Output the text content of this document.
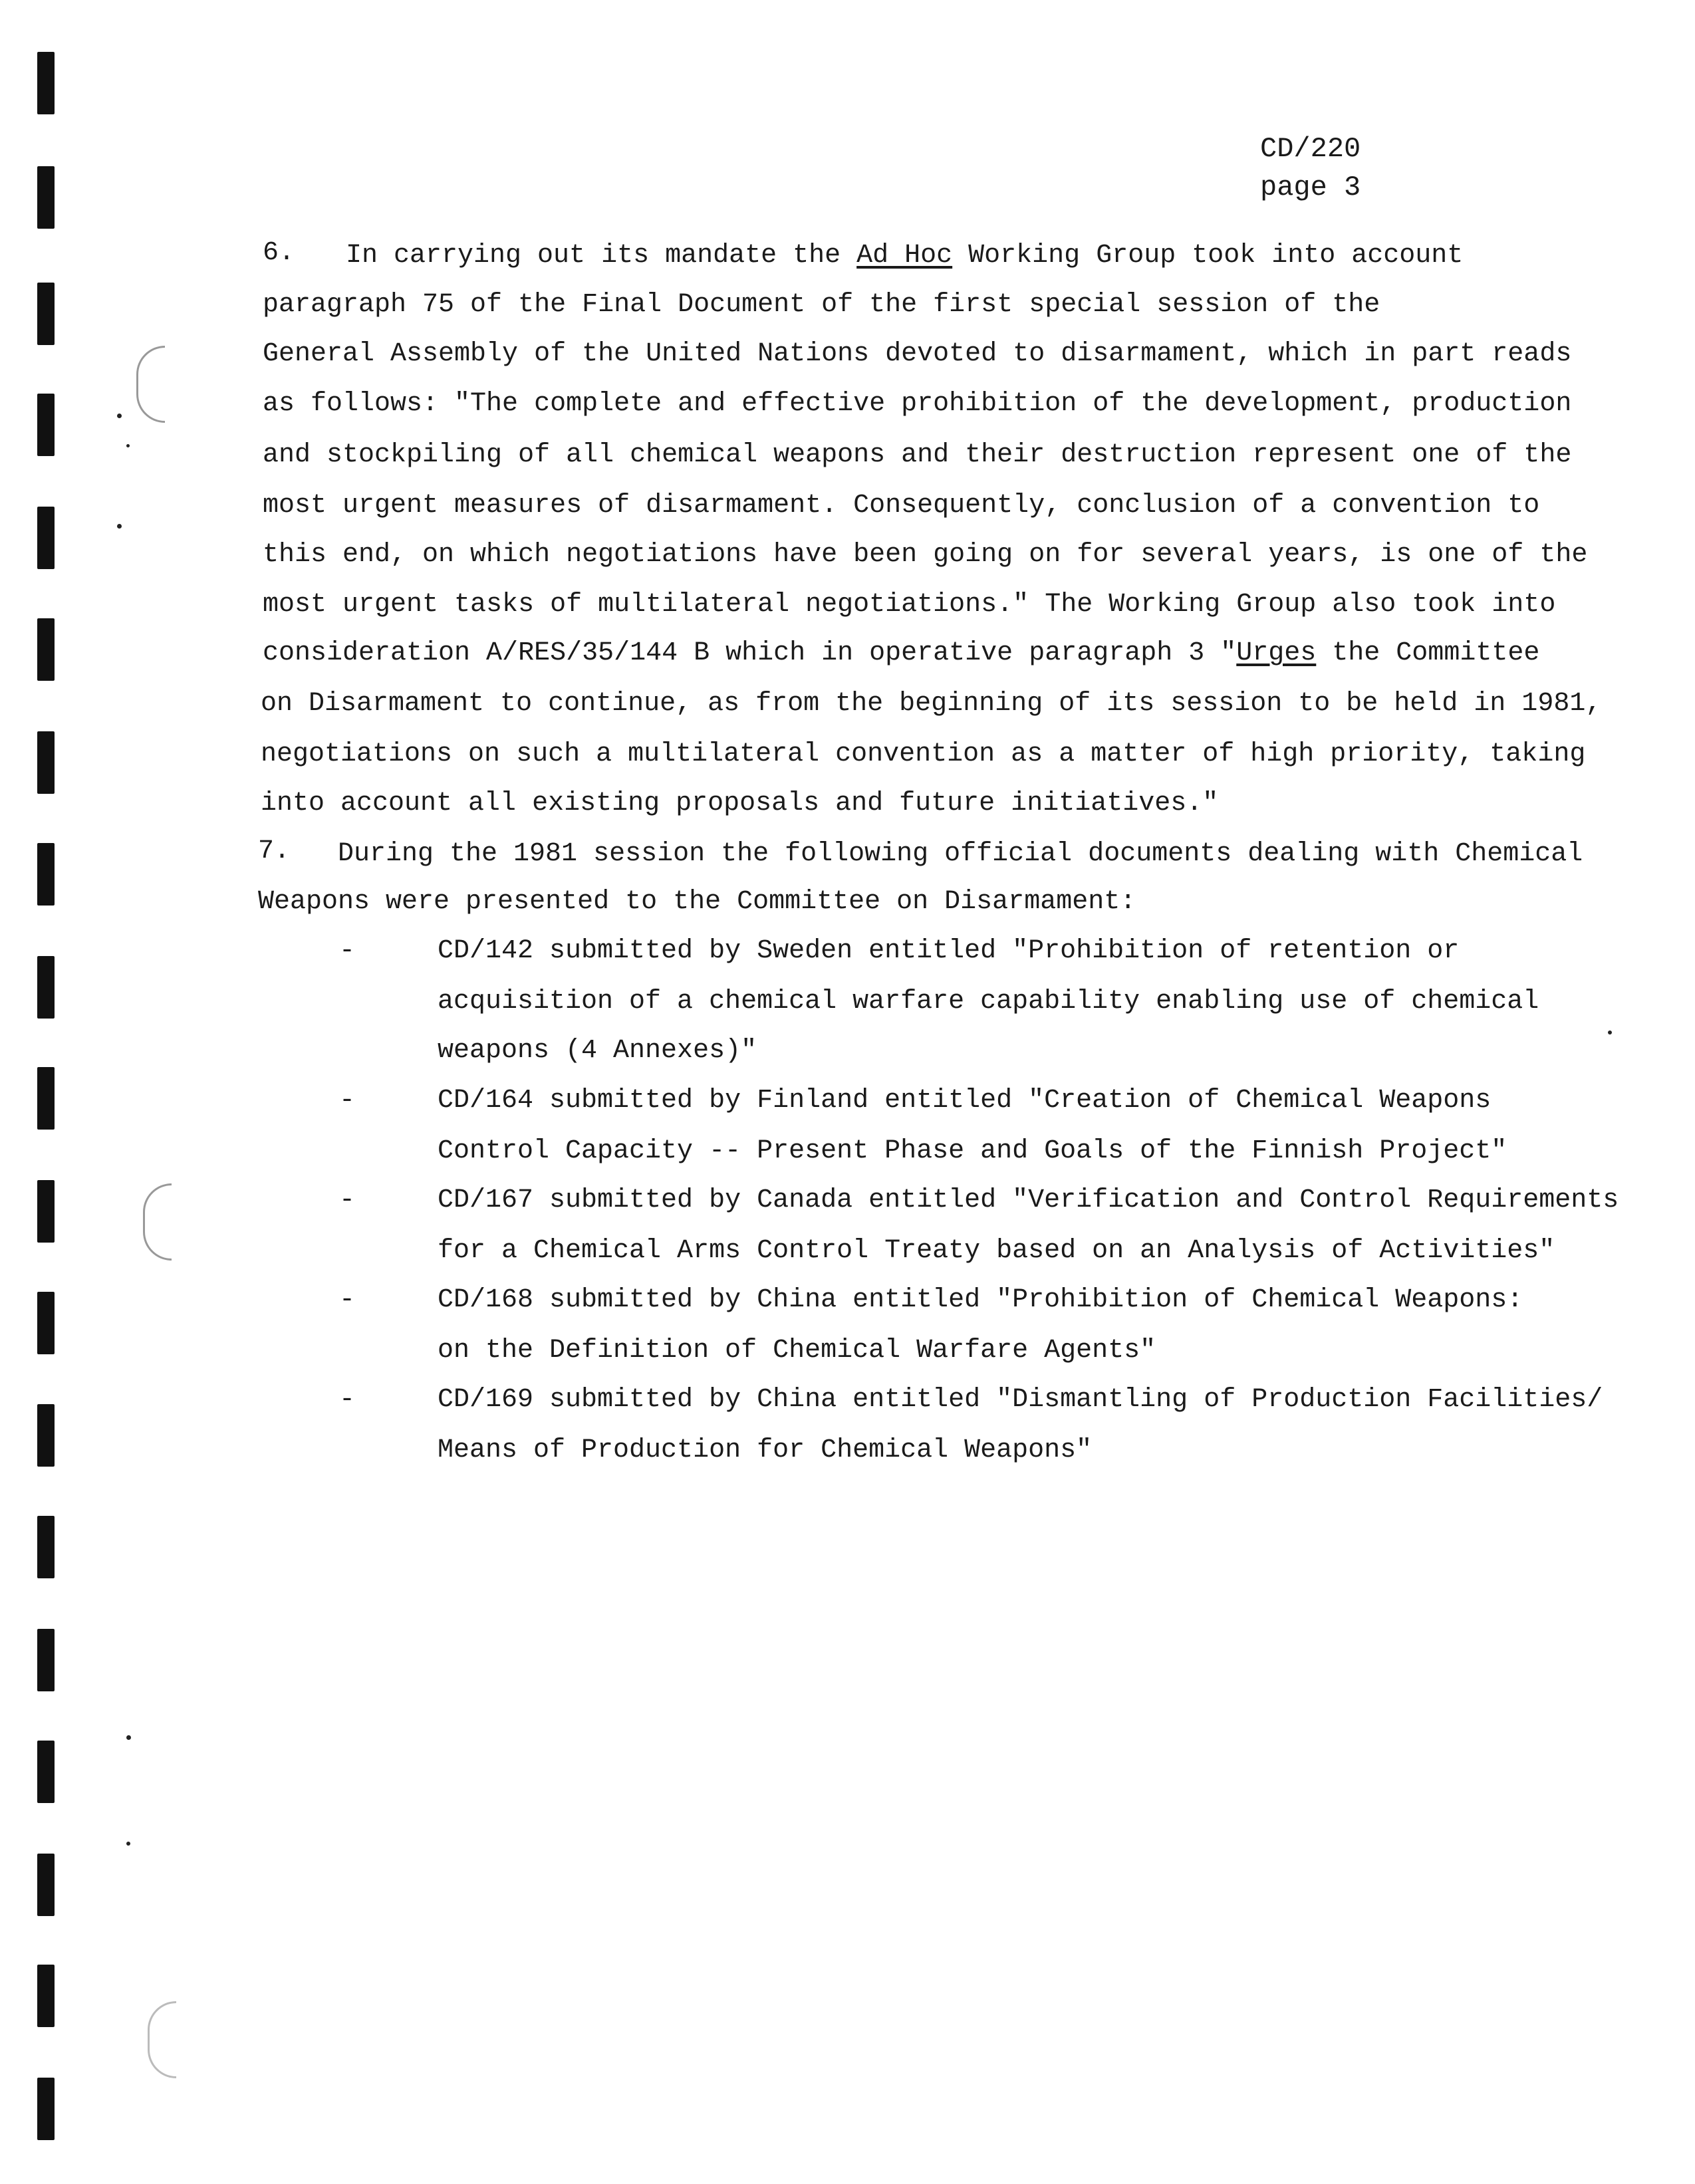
CD/220
page 3
6. In carrying out its mandate the Ad Hoc Working Group took into account
paragraph 75 of the Final Document of the first special session of the
General Assembly of the United Nations devoted to disarmament, which in part reads
as follows: "The complete and effective prohibition of the development, production
and stockpiling of all chemical weapons and their destruction represent one of the
most urgent measures of disarmament. Consequently, conclusion of a convention to
this end, on which negotiations have been going on for several years, is one of the
most urgent tasks of multilateral negotiations." The Working Group also took into
consideration A/RES/35/144 B which in operative paragraph 3 "Urges the Committee
on Disarmament to continue, as from the beginning of its session to be held in 1981,
negotiations on such a multilateral convention as a matter of high priority, taking
into account all existing proposals and future initiatives."
7. During the 1981 session the following official documents dealing with Chemical
Weapons were presented to the Committee on Disarmament:
-	CD/142 submitted by Sweden entitled "Prohibition of retention or
acquisition of a chemical warfare capability enabling use of chemical
weapons (4 Annexes)"
-	CD/164 submitted by Finland entitled "Creation of Chemical Weapons
Control Capacity -- Present Phase and Goals of the Finnish Project"
-	CD/167 submitted by Canada entitled "Verification and Control Requirements
for a Chemical Arms Control Treaty based on an Analysis of Activities"
-	CD/168 submitted by China entitled "Prohibition of Chemical Weapons:
on the Definition of Chemical Warfare Agents"
-	CD/169 submitted by China entitled "Dismantling of Production Facilities/
Means of Production for Chemical Weapons"
